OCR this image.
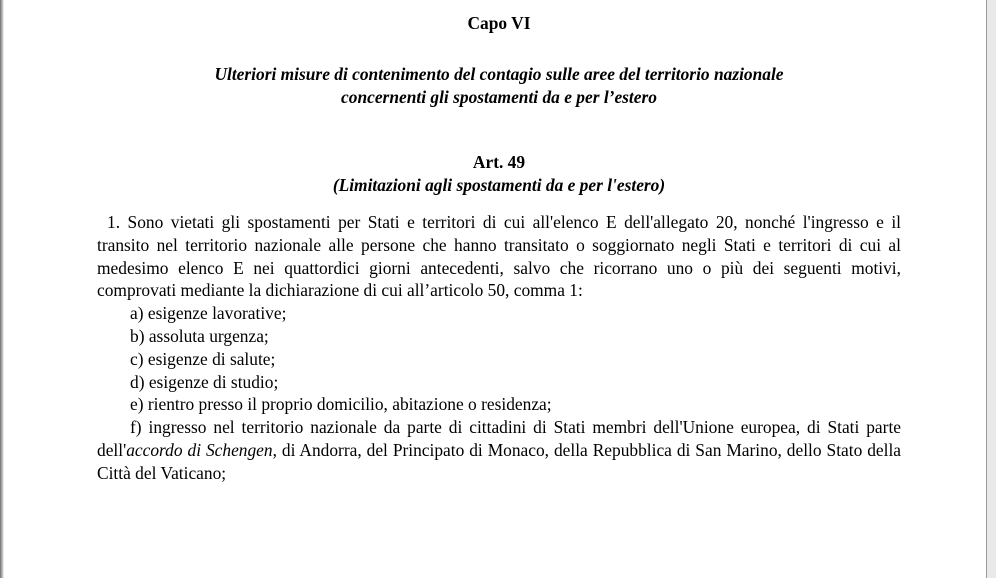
Capo VI
Ulteriori misure di contenimento del contagio sulle aree del territorio nazionale
concernenti gli spostamenti da e per l’estero
Art. 49
(Limitazioni agli spostamenti da e per l'estero)
1. Sono vietati gli spostamenti per Stati e territori di cui all'elenco E dell'allegato 20, nonché l'ingresso e il transito nel territorio nazionale alle persone che hanno transitato o soggiornato negli Stati e territori di cui al medesimo elenco E nei quattordici giorni antecedenti, salvo che ricorrano uno o più dei seguenti motivi, comprovati mediante la dichiarazione di cui all’articolo 50, comma 1:
a) esigenze lavorative;
b) assoluta urgenza;
c) esigenze di salute;
d) esigenze di studio;
e) rientro presso il proprio domicilio, abitazione o residenza;
f) ingresso nel territorio nazionale da parte di cittadini di Stati membri dell'Unione europea, di Stati parte dell'accordo di Schengen, di Andorra, del Principato di Monaco, della Repubblica di San Marino, dello Stato della Città del Vaticano;
